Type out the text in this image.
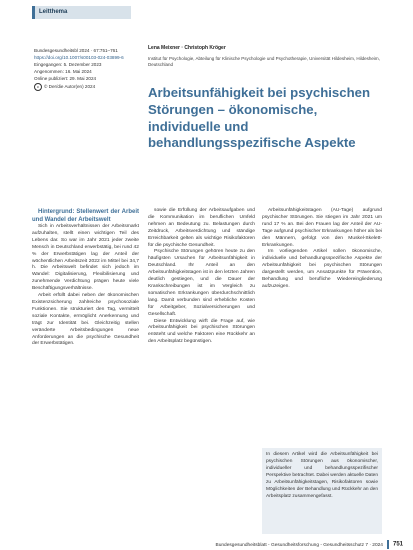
Leitthema
Bundesgesundheitsbl 2024 · 67:751–761
https://doi.org/10.1007/s00103-024-03899-6
Eingegangen: 5. Dezember 2023
Angenommen: 16. Mai 2024
Online publiziert: 29. Mai 2024
c © Der/die Autor(en) 2024
Lena Meixner · Christoph Kröger
Institut für Psychologie, Abteilung für Klinische Psychologie und Psychotherapie, Universität Hildesheim, Hildesheim, Deutschland
Arbeitsunfähigkeit bei psychischen Störungen – ökonomische, individuelle und behandlungsspezifische Aspekte

Hintergrund: Stellenwert der Arbeit und Wandel der Arbeitswelt

Sich in Arbeitsverhältnissen der Arbeitsmarkt aufzuhalten, stellt einen wichtigen Teil des Lebens dar. So war im Jahr 2021 jeder zweite Mensch in Deutschland erwerbstätig, bei rund 42 % der Erwerbstätigen lag der Anteil der wöchentlichen Arbeitszeit 2022 im Mittel bei 34,7 h. Die Arbeitswelt befindet sich jedoch im Wandel: Digitalisierung, Flexibilisierung und zunehmende Verdichtung prägen heute viele Beschäftigungsverhältnisse.

Arbeit erfüllt dabei neben der ökonomischen Existenzsicherung zahlreiche psychosoziale Funktionen. Sie strukturiert den Tag, vermittelt soziale Kontakte, ermöglicht Anerkennung und trägt zur Identität bei. Gleichzeitig stellen veränderte Arbeitsbedingungen neue Anforderungen an die psychische Gesundheit der Erwerbstätigen.

sowie die Erfüllung der Arbeitsaufgaben und die Kommunikation im beruflichen Umfeld nehmen an Bedeutung zu. Belastungen durch Zeitdruck, Arbeitsverdichtung und ständige Erreichbarkeit gelten als wichtige Risikofaktoren für die psychische Gesundheit.

Psychische Störungen gehören heute zu den häufigsten Ursachen für Arbeitsunfähigkeit in Deutschland. Ihr Anteil an den Arbeitsunfähigkeitstagen ist in den letzten Jahren deutlich gestiegen, und die Dauer der Krankschreibungen ist im Vergleich zu somatischen Erkrankungen überdurchschnittlich lang. Damit verbunden sind erhebliche Kosten für Arbeitgeber, Sozialversicherungen und Gesellschaft.

Diese Entwicklung wirft die Frage auf, wie Arbeitsunfähigkeit bei psychischen Störungen entsteht und welche Faktoren eine Rückkehr an den Arbeitsplatz begünstigen.

Arbeitsunfähigkeitstagen (AU-Tage) aufgrund psychischer Störungen. Sie stiegen im Jahr 2021 um rund 17 % an. Bei den Frauen lag der Anteil der AU-Tage aufgrund psychischer Erkrankungen höher als bei den Männern, gefolgt von den Muskel-Skelett-Erkrankungen.

Im vorliegenden Artikel sollen ökonomische, individuelle und behandlungsspezifische Aspekte der Arbeitsunfähigkeit bei psychischen Störungen dargestellt werden, um Ansatzpunkte für Prävention, Behandlung und berufliche Wiedereingliederung aufzuzeigen.

In diesem Artikel wird die Arbeitsunfähigkeit bei psychischen Störungen aus ökonomischer, individueller und behandlungsspezifischer Perspektive betrachtet. Dabei werden aktuelle Daten zu Arbeitsunfähigkeitstagen, Risikofaktoren sowie Möglichkeiten der Behandlung und Rückkehr an den Arbeitsplatz zusammengefasst.
Bundesgesundheitsblatt - Gesundheitsforschung - Gesundheitsschutz 7 · 2024 751
